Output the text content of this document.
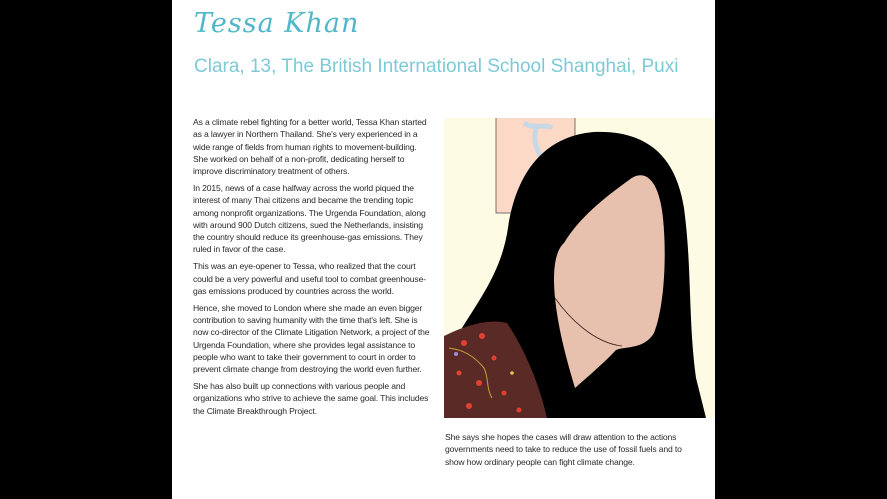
Tessa Khan
Clara, 13, The British International School Shanghai, Puxi

As a climate rebel fighting for a better world, Tessa Khan started as a lawyer in Northern Thailand. She's very experienced in a wide range of fields from human rights to movement-building. She worked on behalf of a non-profit, dedicating herself to improve discriminatory treatment of others.

In 2015, news of a case halfway across the world piqued the interest of many Thai citizens and became the trending topic among nonprofit organizations. The Urgenda Foundation, along with around 900 Dutch citizens, sued the Netherlands, insisting the country should reduce its greenhouse-gas emissions. They ruled in favor of the case.

This was an eye-opener to Tessa, who realized that the court could be a very powerful and useful tool to combat greenhouse-gas emissions produced by countries across the world.

Hence, she moved to London where she made an even bigger contribution to saving humanity with the time that's left. She is now co-director of the Climate Litigation Network, a project of the Urgenda Foundation, where she provides legal assistance to people who want to take their government to court in order to prevent climate change from destroying the world even further.

She has also built up connections with various people and organizations who strive to achieve the same goal. This includes the Climate Breakthrough Project.

She says she hopes the cases will draw attention to the actions governments need to take to reduce the use of fossil fuels and to show how ordinary people can fight climate change.
